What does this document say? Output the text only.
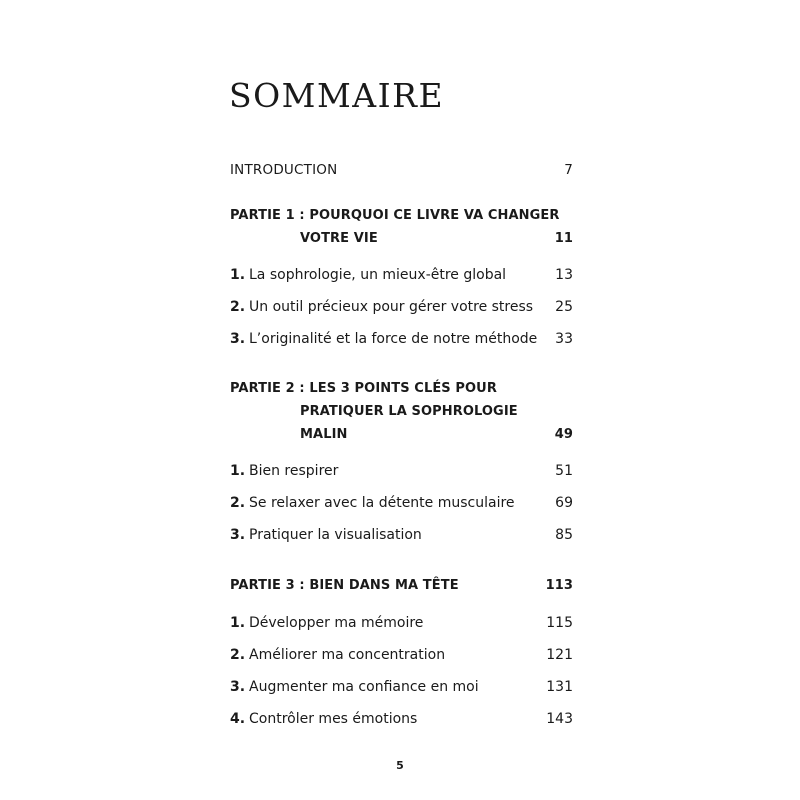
SOMMAIRE
INTRODUCTION	7
PARTIE 1 : POURQUOI CE LIVRE VA CHANGER
VOTRE VIE	11
1. La sophrologie, un mieux-être global	13
2. Un outil précieux pour gérer votre stress 25
3. L’originalité et la force de notre méthode 33
PARTIE 2 : LES 3 POINTS CLÉS POUR
PRATIQUER LA SOPHROLOGIE
MALIN	49
1. Bien respirer	51
2. Se relaxer avec la détente musculaire	69
3. Pratiquer la visualisation	85
PARTIE 3 : BIEN DANS MA TÊTE	113
1. Développer ma mémoire	115
2. Améliorer ma concentration	121
3. Augmenter ma confiance en moi	131
4. Contrôler mes émotions	143
5
